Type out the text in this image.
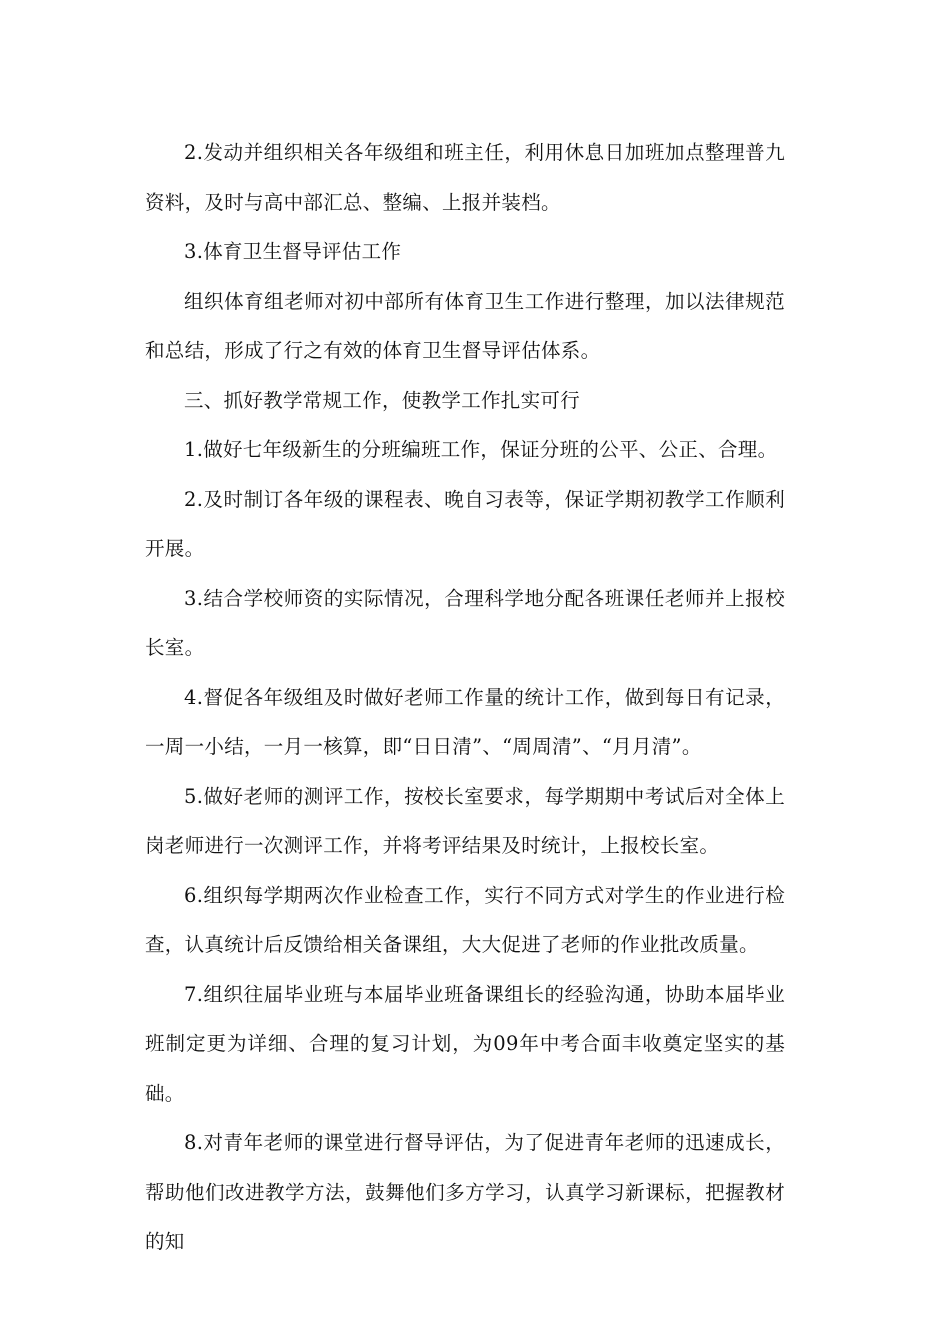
2.发动并组织相关各年级组和班主任，利用休息日加班加点整理普九资料，及时与高中部汇总、整编、上报并装档。

3.体育卫生督导评估工作

组织体育组老师对初中部所有体育卫生工作进行整理，加以法律规范和总结，形成了行之有效的体育卫生督导评估体系。

三、抓好教学常规工作，使教学工作扎实可行

1.做好七年级新生的分班编班工作，保证分班的公平、公正、合理。

2.及时制订各年级的课程表、晚自习表等，保证学期初教学工作顺利开展。

3.结合学校师资的实际情况，合理科学地分配各班课任老师并上报校长室。

4.督促各年级组及时做好老师工作量的统计工作，做到每日有记录，一周一小结，一月一核算，即“日日清”、“周周清”、“月月清”。

5.做好老师的测评工作，按校长室要求，每学期期中考试后对全体上岗老师进行一次测评工作，并将考评结果及时统计，上报校长室。

6.组织每学期两次作业检查工作，实行不同方式对学生的作业进行检查，认真统计后反馈给相关备课组，大大促进了老师的作业批改质量。

7.组织往届毕业班与本届毕业班备课组长的经验沟通，协助本届毕业班制定更为详细、合理的复习计划，为09年中考合面丰收奠定坚实的基础。

8.对青年老师的课堂进行督导评估，为了促进青年老师的迅速成长，帮助他们改进教学方法，鼓舞他们多方学习，认真学习新课标，把握教材的知
